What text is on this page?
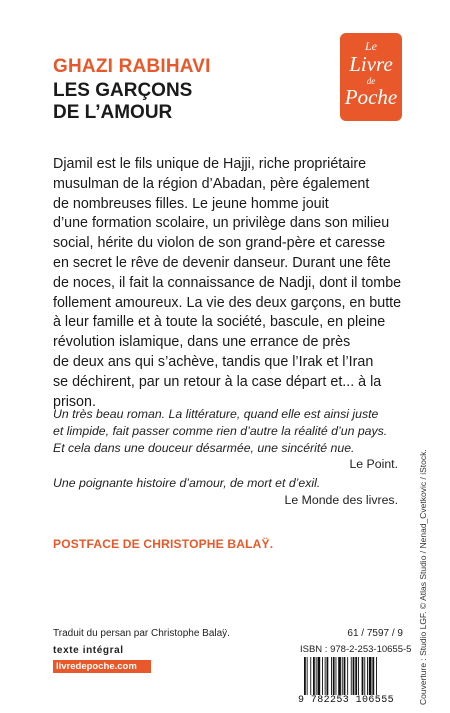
GHAZI RABIHAVI
LES GARÇONS
DE L’AMOUR
Le
Livre
de
Poche
Djamil est le fils unique de Hajji, riche propriétaire
musulman de la région d’Abadan, père également
de nombreuses filles. Le jeune homme jouit
d’une formation scolaire, un privilège dans son milieu
social, hérite du violon de son grand-père et caresse
en secret le rêve de devenir danseur. Durant une fête
de noces, il fait la connaissance de Nadji, dont il tombe
follement amoureux. La vie des deux garçons, en butte
à leur famille et à toute la société, bascule, en pleine
révolution islamique, dans une errance de près
de deux ans qui s’achève, tandis que l’Irak et l’Iran
se déchirent, par un retour à la case départ et... à la
prison.
Un très beau roman. La littérature, quand elle est ainsi juste
et limpide, fait passer comme rien d’autre la réalité d’un pays.
Et cela dans une douceur désarmée, une sincérité nue.
Le Point.
Une poignante histoire d’amour, de mort et d’exil.
Le Monde des livres.
POSTFACE DE CHRISTOPHE BALAŸ.
Traduit du persan par Christophe Balaÿ.
texte intégral
livredepoche.com
61 / 7597 / 9
ISBN : 978-2-253-10655-5
9 782253 106555	Couverture : Studio LGF. © Atlas Studio / Nenad_Cvetkovic / iStock.
